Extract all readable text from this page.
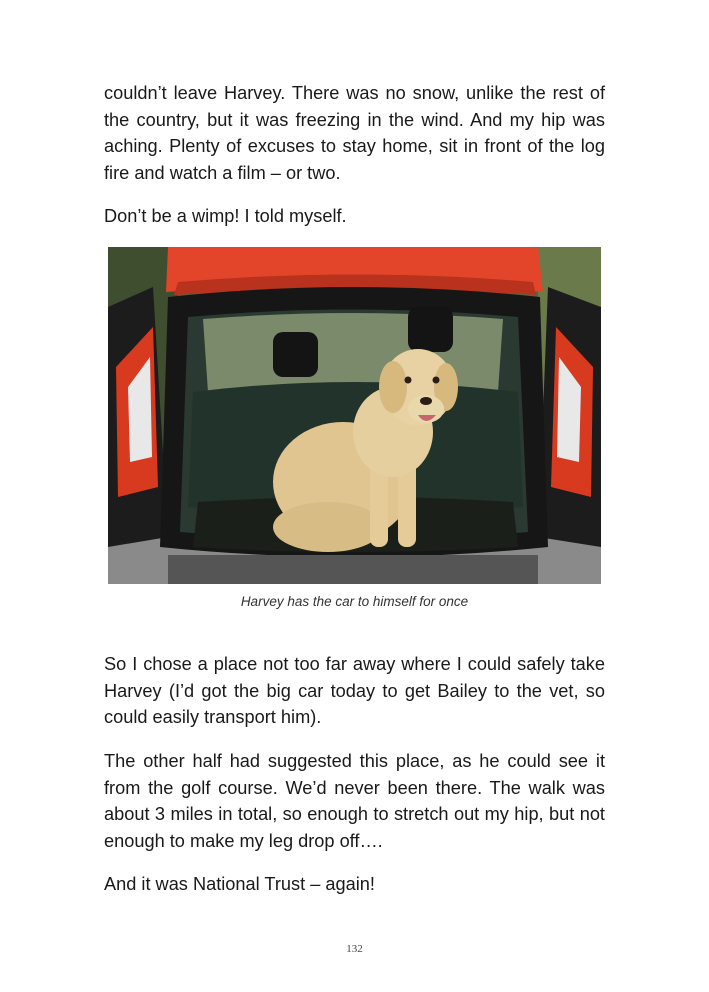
couldn’t leave Harvey. There was no snow, unlike the rest of the country, but it was freezing in the wind. And my hip was aching. Plenty of excuses to stay home, sit in front of the log fire and watch a film – or two.

Don’t be a wimp! I told myself.

Harvey has the car to himself for once

So I chose a place not too far away where I could safely take Harvey (I’d got the big car today to get Bailey to the vet, so could easily transport him).

The other half had suggested this place, as he could see it from the golf course. We’d never been there. The walk was about 3 miles in total, so enough to stretch out my hip, but not enough to make my leg drop off….

And it was National Trust – again!

132
